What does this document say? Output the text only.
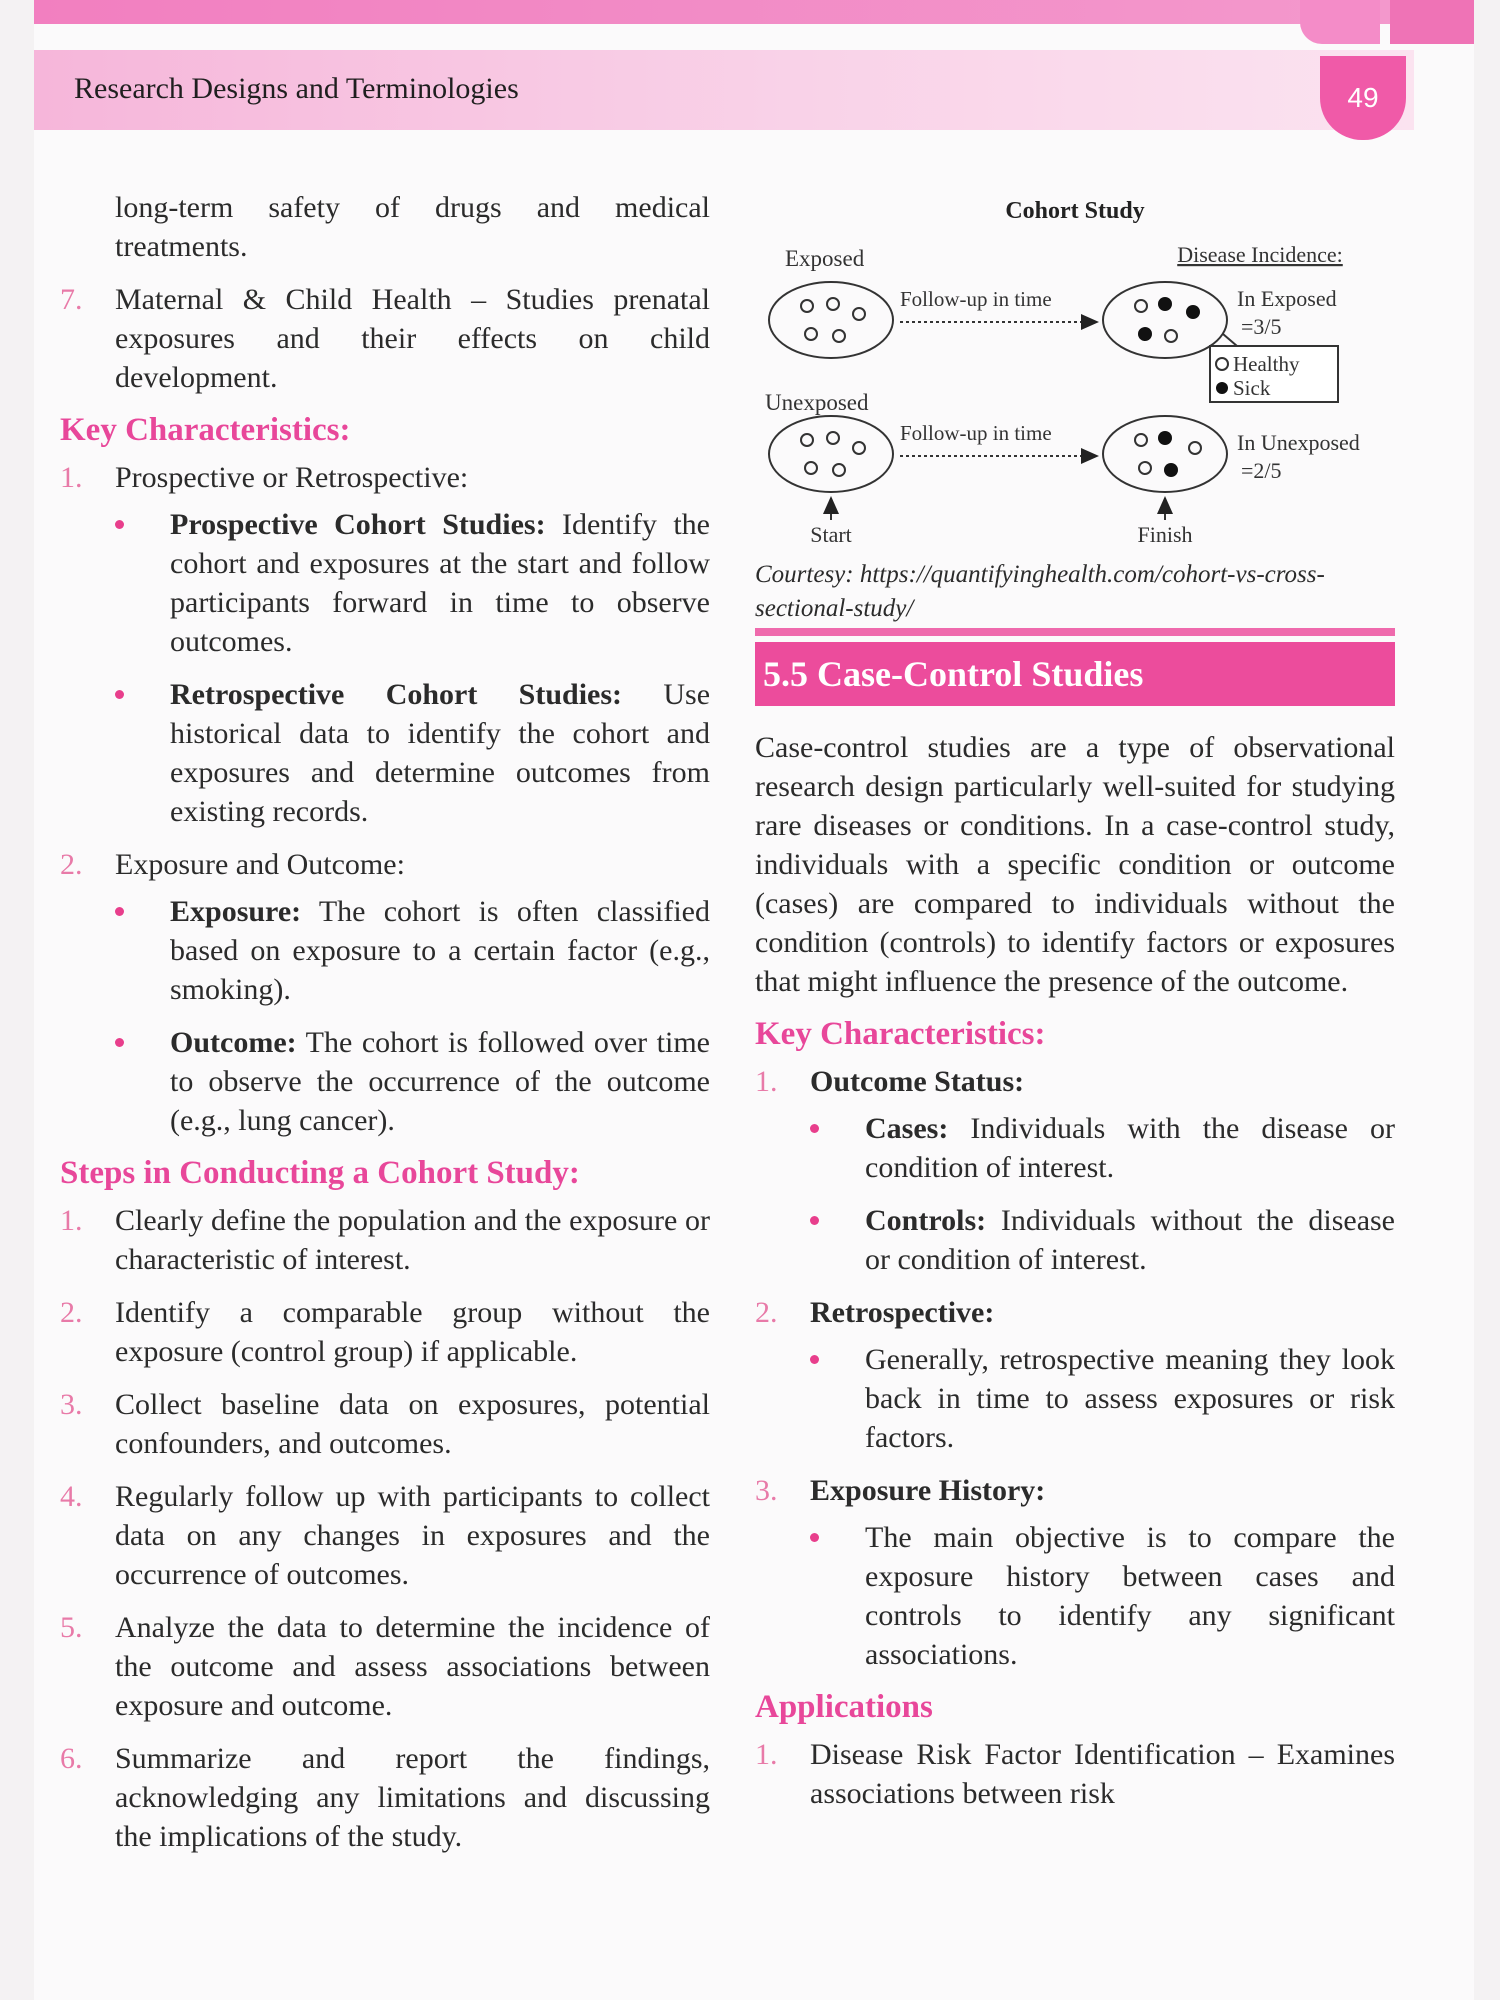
Research Designs and Terminologies	49
long-term safety of drugs and medical treatments.
7. Maternal & Child Health – Studies prenatal exposures and their effects on child development.
Key Characteristics:
1. Prospective or Retrospective:
Prospective Cohort Studies: Identify the cohort and exposures at the start and follow participants forward in time to observe outcomes.
Retrospective Cohort Studies: Use historical data to identify the cohort and exposures and determine outcomes from existing records.
2. Exposure and Outcome:
Exposure: The cohort is often classified based on exposure to a certain factor (e.g., smoking).
Outcome: The cohort is followed over time to observe the occurrence of the outcome (e.g., lung cancer).
Steps in Conducting a Cohort Study:
1. Clearly define the population and the exposure or characteristic of interest.
2. Identify a comparable group without the exposure (control group) if applicable.
3. Collect baseline data on exposures, potential confounders, and outcomes.
4. Regularly follow up with participants to collect data on any changes in exposures and the occurrence of outcomes.
5. Analyze the data to determine the incidence of the outcome and assess associations between exposure and outcome.
6. Summarize and report the findings, acknowledging any limitations and discussing the implications of the study.
Cohort Study
Exposed	Disease Incidence:
Follow-up in time	In Exposed
=3/5
Healthy
Sick
Unexposed
Follow-up in time	In Unexposed
=2/5
Start	Finish
Courtesy: https://quantifyinghealth.com/cohort-vs-cross-sectional-study/
5.5 Case-Control Studies
Case-control studies are a type of observational research design particularly well-suited for studying rare diseases or conditions. In a case-control study, individuals with a specific condition or outcome (cases) are compared to individuals without the condition (controls) to identify factors or exposures that might influence the presence of the outcome.
Key Characteristics:
1. Outcome Status:
Cases: Individuals with the disease or condition of interest.
Controls: Individuals without the disease or condition of interest.
2. Retrospective:
Generally, retrospective meaning they look back in time to assess exposures or risk factors.
3. Exposure History:
The main objective is to compare the exposure history between cases and controls to identify any significant associations.
Applications
1. Disease Risk Factor Identification – Examines associations between risk
